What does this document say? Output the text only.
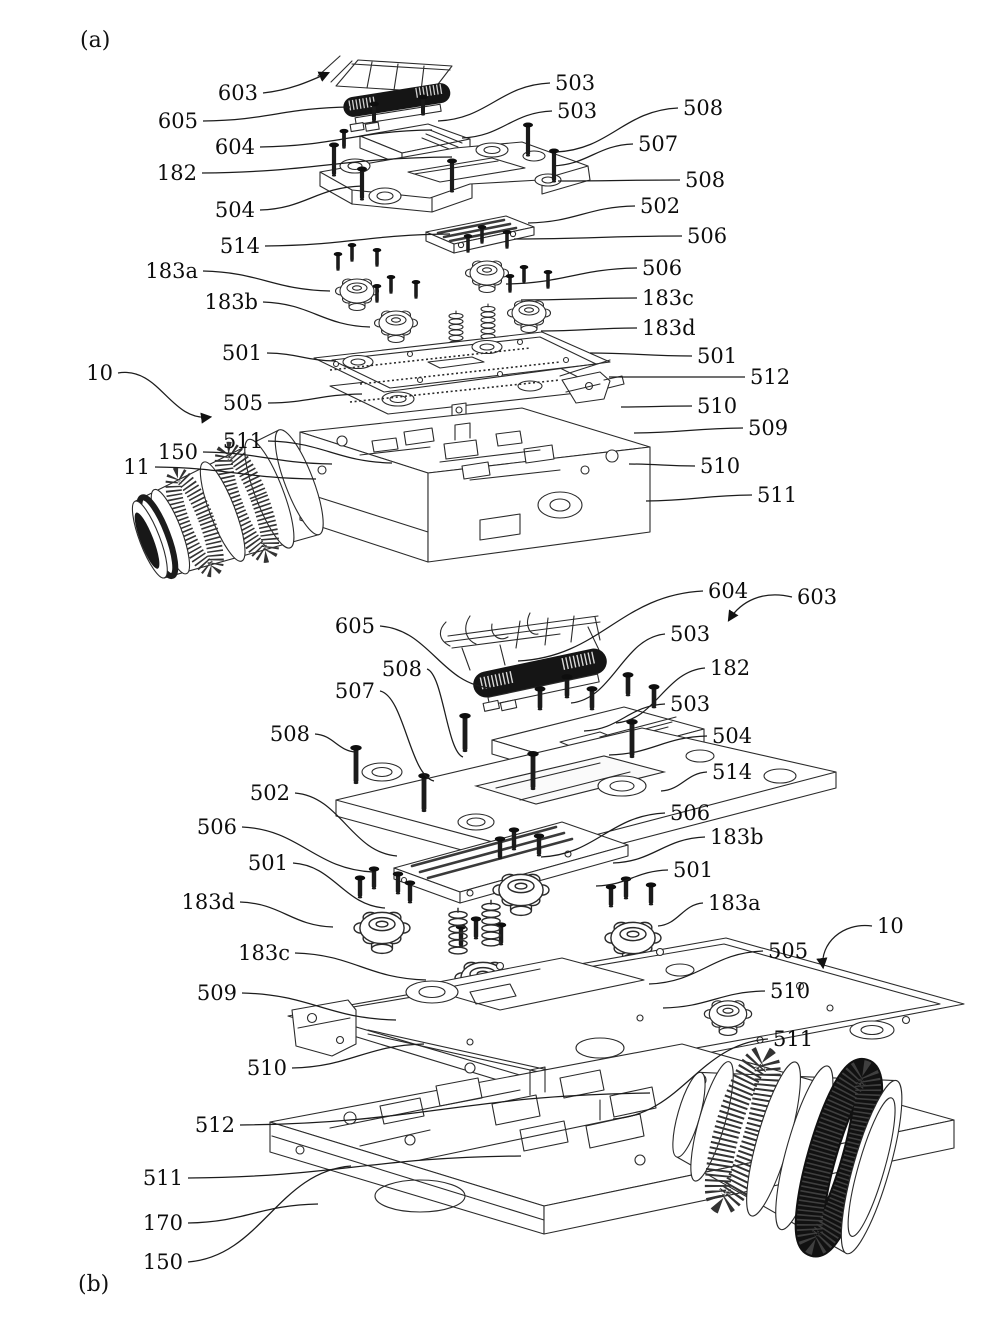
(a)
(b)
603
605
604
182
504
514
183a
183b
501
10
505
511
150
11
503
503	508
507
508
502
506
506
183c
183d
501
512
510
509
510
511
605
508
507
508
502
506
501
183d
183c
509
510
512
511
170
150
604 603
503
182
503
504
514
506
183b
501
183a
10
505
510
511
